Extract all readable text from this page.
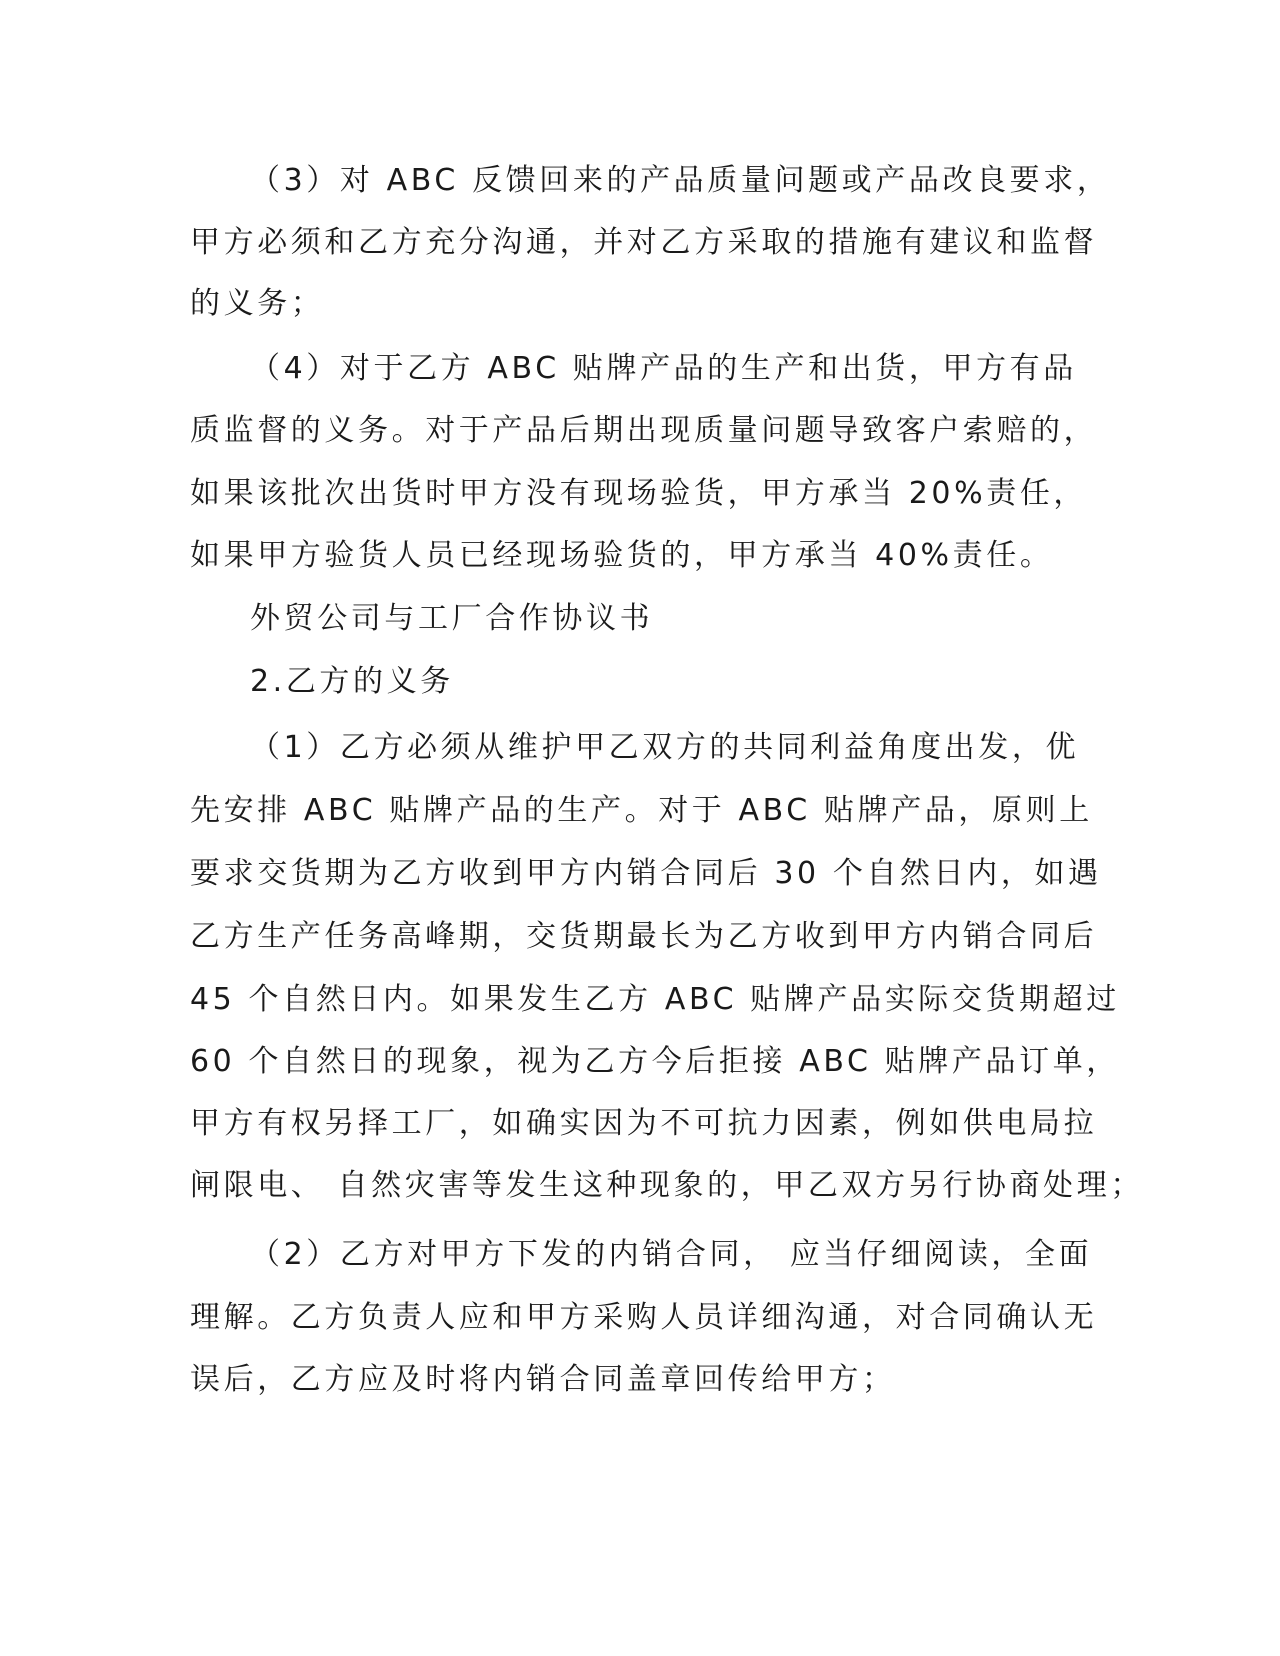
（3）对 ABC 反馈回来的产品质量问题或产品改良要求，

甲方必须和乙方充分沟通，并对乙方采取的措施有建议和监督

的义务；

（4）对于乙方 ABC 贴牌产品的生产和出货，甲方有品

质监督的义务。对于产品后期出现质量问题导致客户索赔的，

如果该批次出货时甲方没有现场验货，甲方承当 20%责任，

如果甲方验货人员已经现场验货的，甲方承当 40%责任。

外贸公司与工厂合作协议书

2.乙方的义务

（1）乙方必须从维护甲乙双方的共同利益角度出发，优

先安排 ABC 贴牌产品的生产。对于 ABC 贴牌产品，原则上

要求交货期为乙方收到甲方内销合同后 30 个自然日内，如遇

乙方生产任务高峰期，交货期最长为乙方收到甲方内销合同后

45 个自然日内。如果发生乙方 ABC 贴牌产品实际交货期超过

60 个自然日的现象，视为乙方今后拒接 ABC 贴牌产品订单，

甲方有权另择工厂，如确实因为不可抗力因素，例如供电局拉

闸限电、 自然灾害等发生这种现象的，甲乙双方另行协商处理；

（2）乙方对甲方下发的内销合同， 应当仔细阅读，全面

理解。乙方负责人应和甲方采购人员详细沟通，对合同确认无

误后，乙方应及时将内销合同盖章回传给甲方；
